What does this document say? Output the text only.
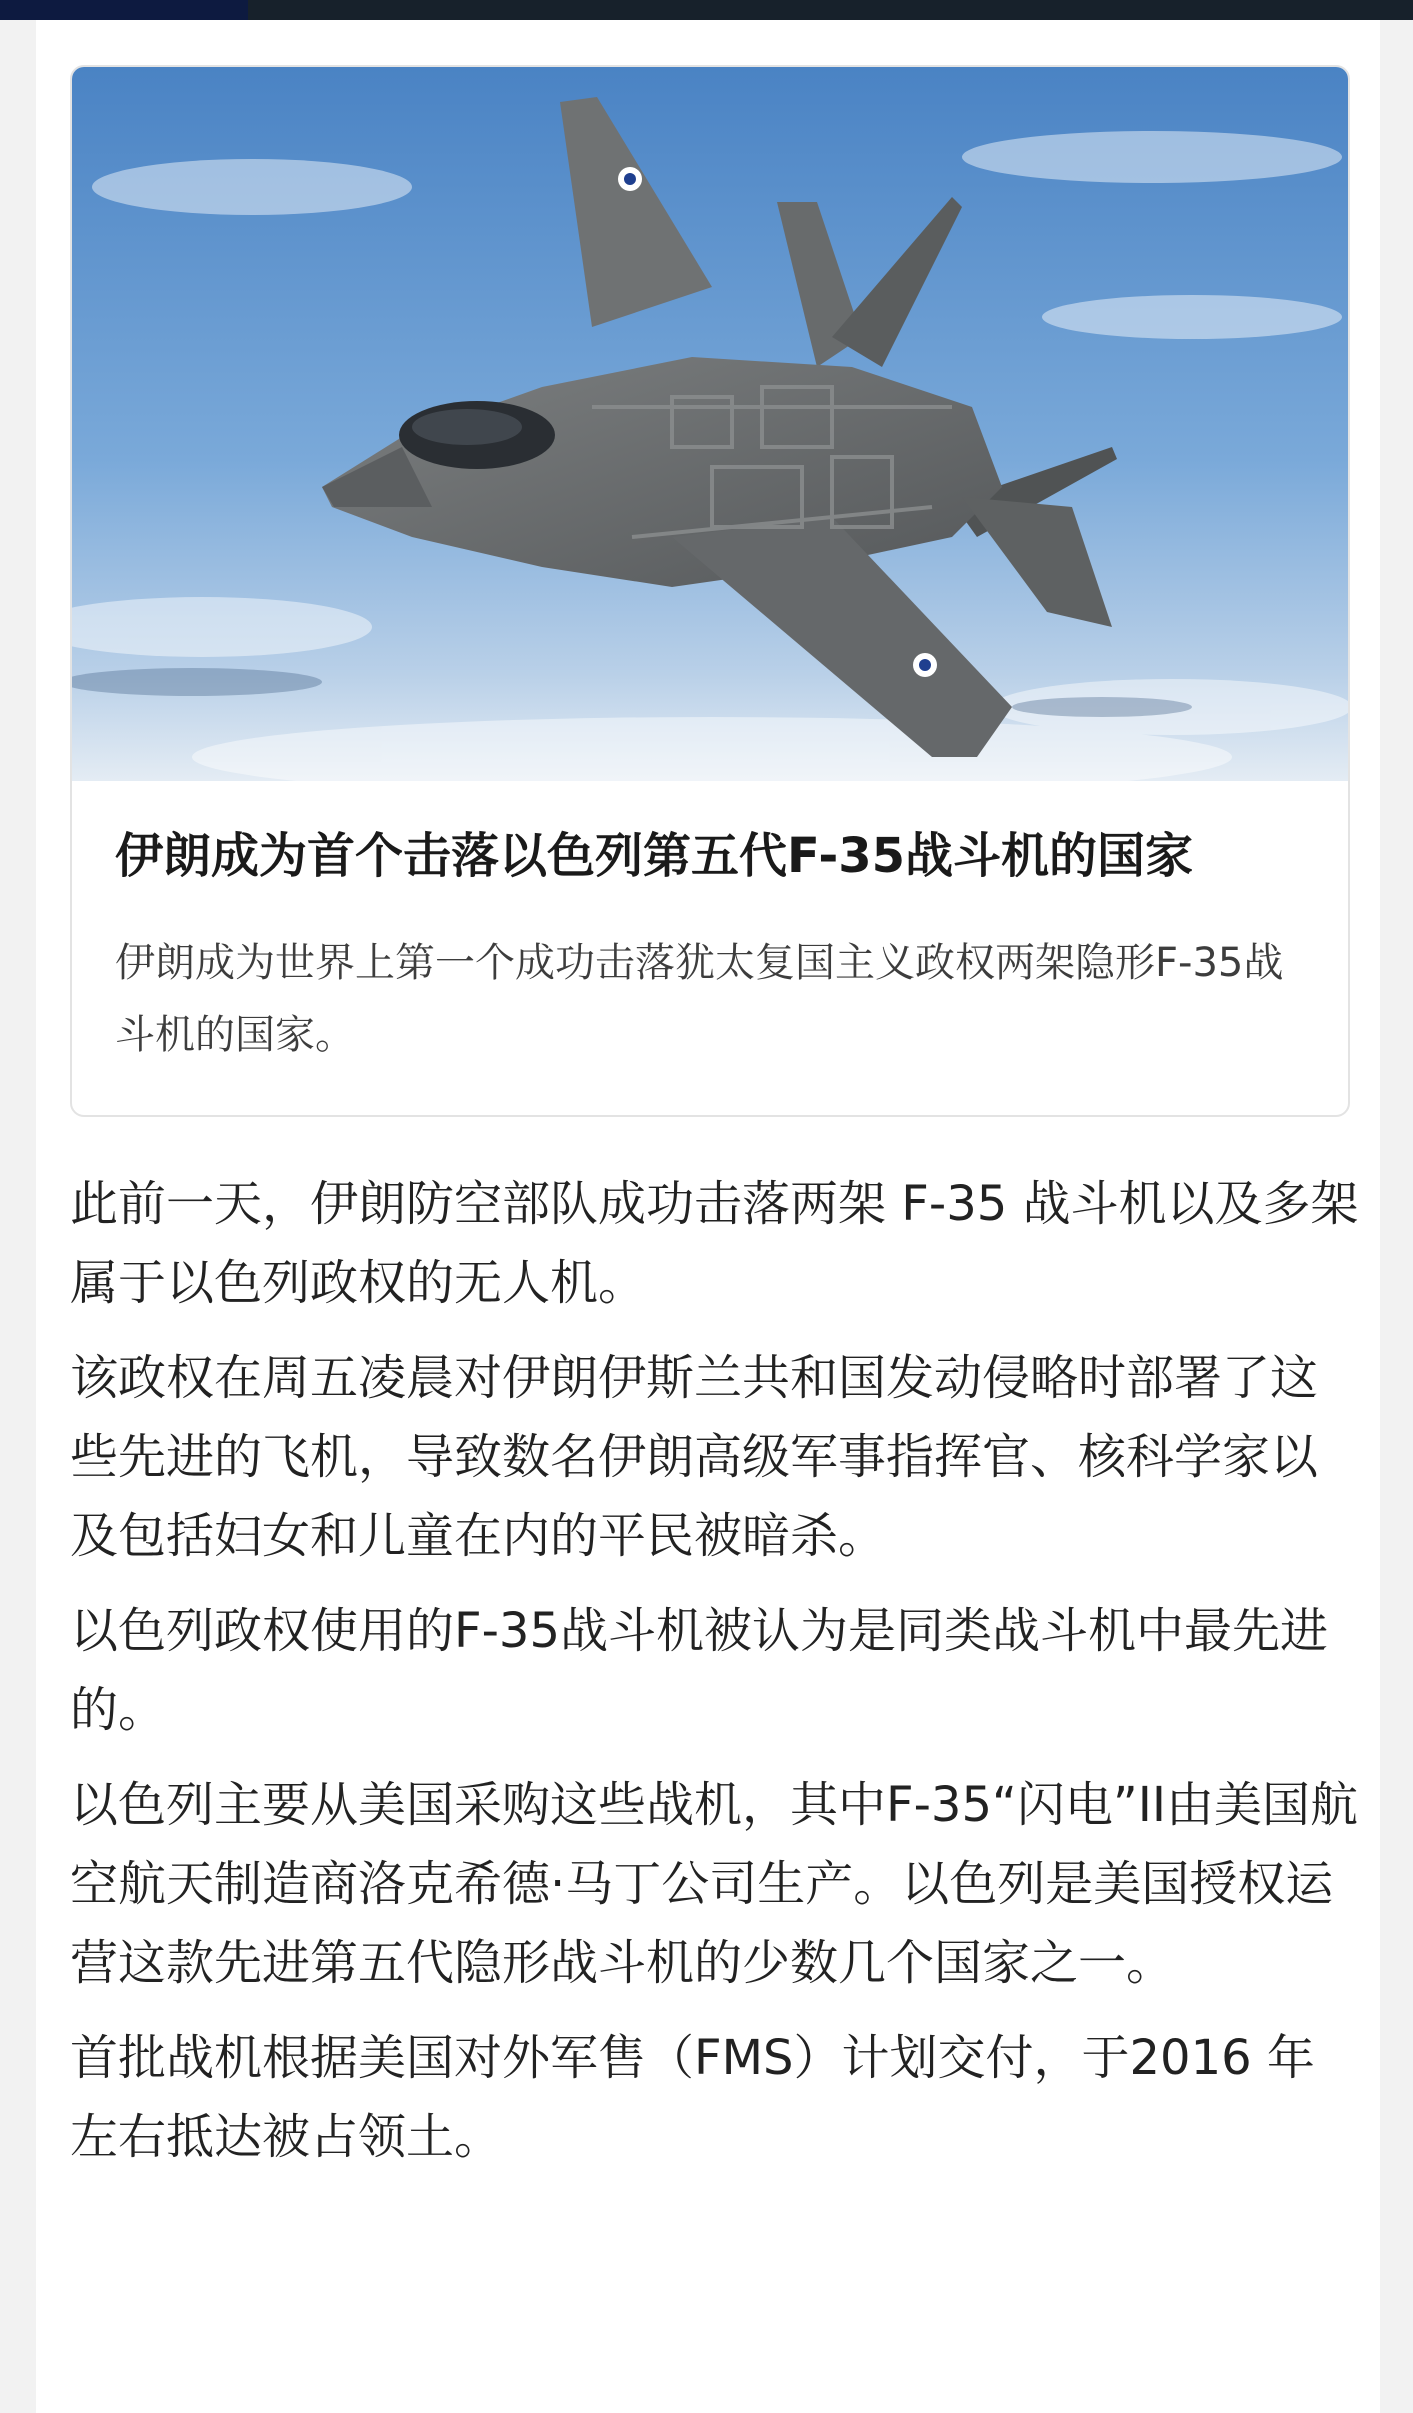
伊朗成为首个击落以色列第五代F-35战斗机的国家

伊朗成为世界上第一个成功击落犹太复国主义政权两架隐形F-35战斗机的国家。

此前一天，伊朗防空部队成功击落两架 F-35 战斗机以及多架属于以色列政权的无人机。

该政权在周五凌晨对伊朗伊斯兰共和国发动侵略时部署了这些先进的飞机，导致数名伊朗高级军事指挥官、核科学家以及包括妇女和儿童在内的平民被暗杀。

以色列政权使用的F-35战斗机被认为是同类战斗机中最先进的。

以色列主要从美国采购这些战机，其中F-35“闪电”II由美国航空航天制造商洛克希德·马丁公司生产。以色列是美国授权运营这款先进第五代隐形战斗机的少数几个国家之一。

首批战机根据美国对外军售（FMS）计划交付，于2016 年左右抵达被占领土。
